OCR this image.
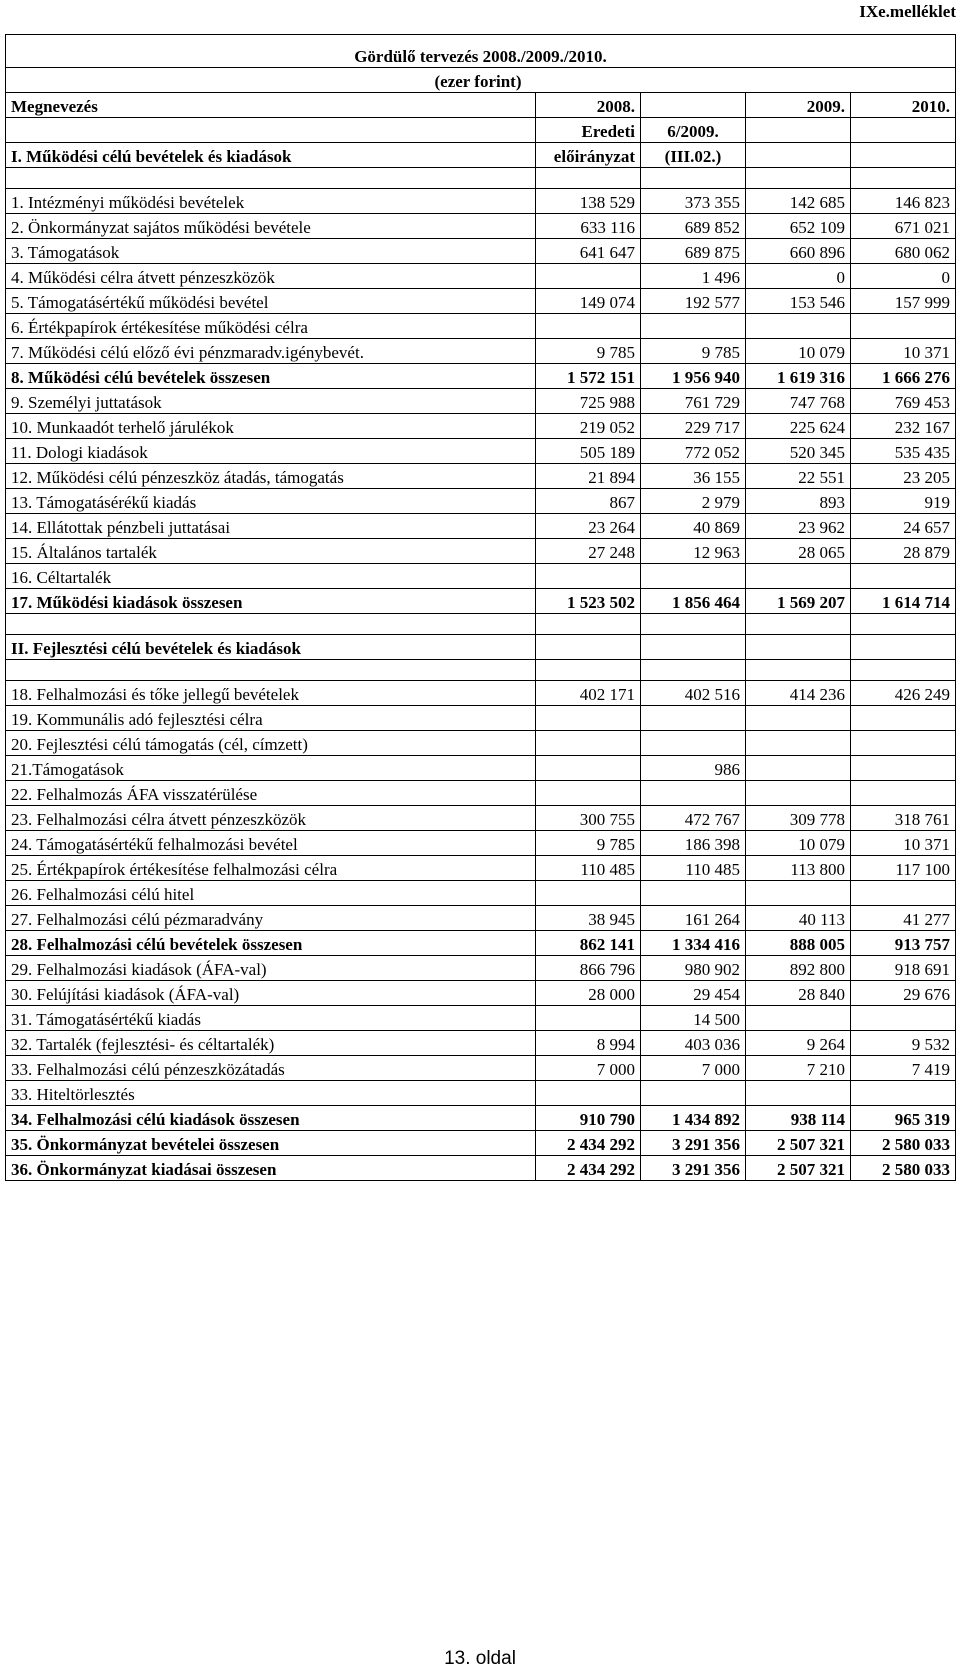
IXe.melléklet
Gördülő tervezés 2008./2009./2010.				
(ezer forint)				
Megnevezés	2008.		2009.	2010.
	Eredeti	6/2009.		
I. Működési célú bevételek és kiadások	előirányzat	(III.02.)		

1. Intézményi működési bevételek	138 529	373 355	142 685	146 823
2. Önkormányzat sajátos működési bevétele	633 116	689 852	652 109	671 021
3. Támogatások	641 647	689 875	660 896	680 062
4. Működési célra átvett pénzeszközök		1 496	0	0
5. Támogatásértékű működési bevétel	149 074	192 577	153 546	157 999
6. Értékpapírok értékesítése működési célra				
7. Működési célú előző évi pénzmaradv.igénybevét.	9 785	9 785	10 079	10 371
8. Működési célú bevételek összesen	1 572 151	1 956 940	1 619 316	1 666 276
9. Személyi juttatások	725 988	761 729	747 768	769 453
10. Munkaadót terhelő járulékok	219 052	229 717	225 624	232 167
11. Dologi kiadások	505 189	772 052	520 345	535 435
12. Működési célú pénzeszköz átadás, támogatás	21 894	36 155	22 551	23 205
13. Támogatásérékű kiadás	867	2 979	893	919
14. Ellátottak pénzbeli juttatásai	23 264	40 869	23 962	24 657
15. Általános tartalék	27 248	12 963	28 065	28 879
16. Céltartalék				
17. Működési kiadások összesen	1 523 502	1 856 464	1 569 207	1 614 714

II. Fejlesztési célú bevételek és kiadások				

18. Felhalmozási és tőke jellegű bevételek	402 171	402 516	414 236	426 249
19. Kommunális adó fejlesztési célra				
20. Fejlesztési célú támogatás (cél, címzett)				
21.Támogatások		986		
22. Felhalmozás ÁFA visszatérülése				
23. Felhalmozási célra átvett pénzeszközök	300 755	472 767	309 778	318 761
24. Támogatásértékű felhalmozási bevétel	9 785	186 398	10 079	10 371
25. Értékpapírok értékesítése felhalmozási célra	110 485	110 485	113 800	117 100
26. Felhalmozási célú hitel				
27. Felhalmozási célú pézmaradvány	38 945	161 264	40 113	41 277
28. Felhalmozási célú bevételek összesen	862 141	1 334 416	888 005	913 757
29. Felhalmozási kiadások (ÁFA-val)	866 796	980 902	892 800	918 691
30. Felújítási kiadások (ÁFA-val)	28 000	29 454	28 840	29 676
31. Támogatásértékű kiadás		14 500		
32. Tartalék (fejlesztési- és céltartalék)	8 994	403 036	9 264	9 532
33. Felhalmozási célú pénzeszközátadás	7 000	7 000	7 210	7 419
33. Hiteltörlesztés				
34. Felhalmozási célú kiadások összesen	910 790	1 434 892	938 114	965 319
35. Önkormányzat bevételei összesen	2 434 292	3 291 356	2 507 321	2 580 033
36. Önkormányzat kiadásai összesen	2 434 292	3 291 356	2 507 321	2 580 033
13. oldal
